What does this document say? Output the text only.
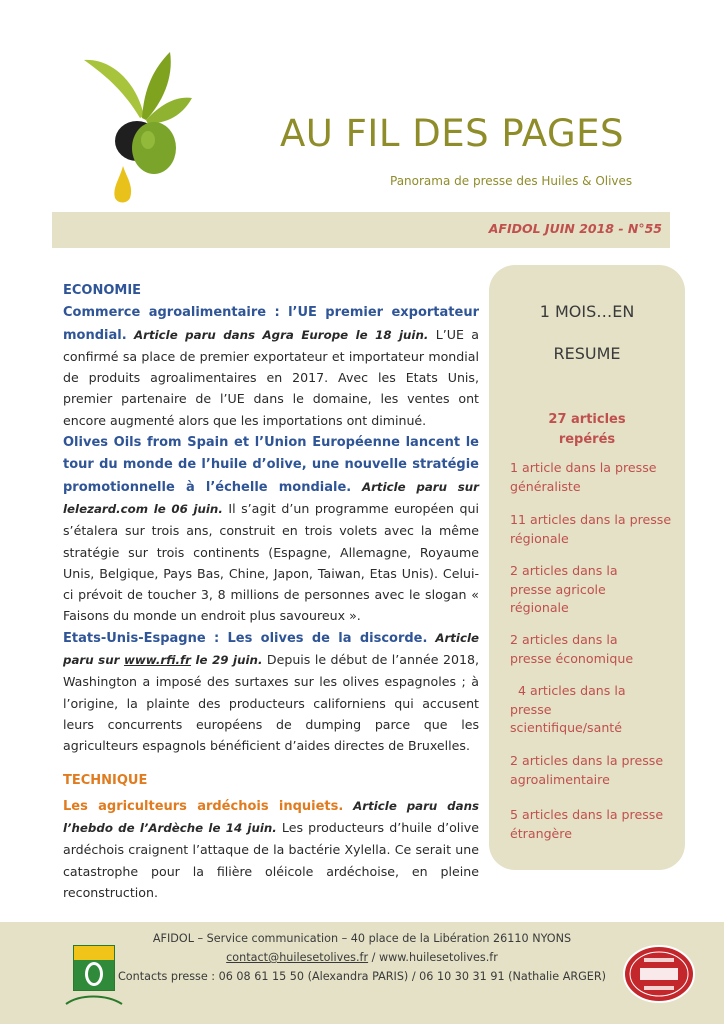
AU FIL DES PAGES
Panorama de presse des Huiles & Olives
AFIDOL JUIN 2018 - N°55

ECONOMIE

Commerce agroalimentaire : l’UE premier exportateur mondial. Article paru dans Agra Europe le 18 juin. L’UE a confirmé sa place de premier exportateur et importateur mondial de produits agroalimentaires en 2017. Avec les Etats Unis, premier partenaire de l’UE dans le domaine, les ventes ont encore augmenté alors que les importations ont diminué.

Olives Oils from Spain et l’Union Européenne lancent le tour du monde de l’huile d’olive, une nouvelle stratégie promotionnelle à l’échelle mondiale. Article paru sur lelezard.com le 06 juin. Il s’agit d’un programme européen qui s’étalera sur trois ans, construit en trois volets avec la même stratégie sur trois continents (Espagne, Allemagne, Royaume Unis, Belgique, Pays Bas, Chine, Japon, Taiwan, Etas Unis). Celui-ci prévoit de toucher 3, 8 millions de personnes avec le slogan « Faisons du monde un endroit plus savoureux ».

Etats-Unis-Espagne : Les olives de la discorde. Article paru sur www.rfi.fr le 29 juin. Depuis le début de l’année 2018, Washington a imposé des surtaxes sur les olives espagnoles ; à l’origine, la plainte des producteurs californiens qui accusent leurs concurrents européens de dumping parce que les agriculteurs espagnols bénéficient d’aides directes de Bruxelles.

TECHNIQUE

Les agriculteurs ardéchois inquiets. Article paru dans l’hebdo de l’Ardèche le 14 juin. Les producteurs d’huile d’olive ardéchois craignent l’attaque de la bactérie Xylella. Ce serait une catastrophe pour la filière oléicole ardéchoise, en pleine reconstruction.

1 MOIS…EN
RESUME
27 articles
repérés
1 article dans la presse généraliste
11 articles dans la presse régionale
2 articles dans la presse agricole régionale
2 articles dans la presse économique
4 articles dans la presse scientifique/santé
2 articles dans la presse agroalimentaire
5 articles dans la presse étrangère
AFIDOL – Service communication – 40 place de la Libération 26110 NYONS
contact@huilesetolives.fr / www.huilesetolives.fr
Contacts presse : 06 08 61 15 50 (Alexandra PARIS) / 06 10 30 31 91 (Nathalie ARGER)
